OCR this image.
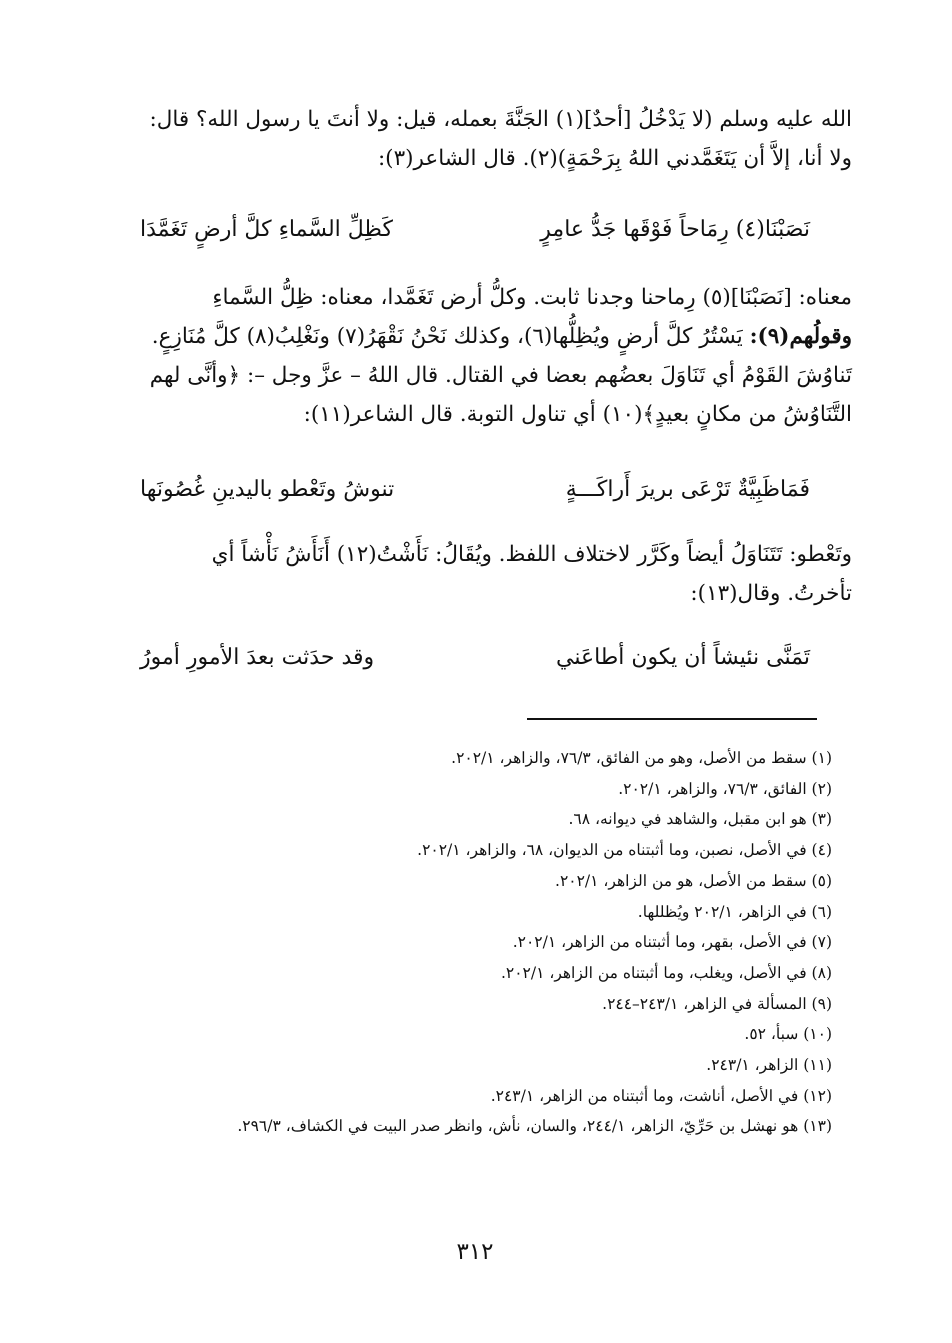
الله عليه وسلم (لا يَدْخُلُ [أحدٌ](١) الجَنَّةَ بعمله، قيل: ولا أنتَ يا رسول الله؟ قال:
ولا أنا، إلاَّ أن يَتَغَمَّدني اللهُ بِرَحْمَةٍ)(٢). قال الشاعر(٣):
نَصَبْنَا(٤) رِمَاحاً فَوْقَها جَدُّ عامِرٍ
كَظِلِّ السَّماءِ كلَّ أرضٍ تَغَمَّدَا
معناه: [نَصَبْنَا](٥) رِماحنا وجدنا ثابت. وكلُّ أرض تَغَمَّدا، معناه: ظِلُّ السَّماءِ
وقولُهم(٩): يَسْتُرُ كلَّ أرضٍ ويُظِلُّها(٦)، وكذلك نَحْنُ نَقْهَرُ(٧) ونَغْلِبُ(٨) كلَّ مُنَازِعٍ.
تَناوُشَ القَوْمُ أي تَنَاوَلَ بعضُهم بعضا في القتال. قال اللهُ – عزَّ وجل –: ﴿وأنَّى لهم
التَّنَاوُشُ من مكانٍ بعيدٍ﴾(١٠) أي تناول التوبة. قال الشاعر(١١):
فَمَاظَبِيَّةٌ تَرْعَى بريرَ أَراكَـــةٍ
تنوشُ وتَعْطو باليدينِ غُصُونَها
وتَعْطو: تَتَنَاوَلُ أيضاً وكَرَّر لاختلاف اللفظ. ويُقَالُ: نَأَشْتُ(١٢) أَنَأَشُ نَأْشاً أي
تأخرتُ. وقال(١٣):
تَمَنَّى نئيشاً أن يكون أطاعَني
وقد حدَثت بعدَ الأمورِ أمورُ
(١) سقط من الأصل، وهو من الفائق، ٧٦/٣، والزاهر، ٢٠٢/١.
(٢) الفائق، ٧٦/٣، والزاهر، ٢٠٢/١.
(٣) هو ابن مقبل، والشاهد في ديوانه، ٦٨.
(٤) في الأصل، نصبن، وما أثبتناه من الديوان، ٦٨، والزاهر، ٢٠٢/١.
(٥) سقط من الأصل، هو من الزاهر، ٢٠٢/١.
(٦) في الزاهر، ٢٠٢/١ ويُظللها.
(٧) في الأصل، بقهر، وما أثبتناه من الزاهر، ٢٠٢/١.
(٨) في الأصل، ويغلب، وما أثبتناه من الزاهر، ٢٠٢/١.
(٩) المسألة في الزاهر، ٢٤٣/١–٢٤٤.
(١٠) سبأ، ٥٢.
(١١) الزاهر، ٢٤٣/١.
(١٢) في الأصل، أناشت، وما أثبتناه من الزاهر، ٢٤٣/١.
(١٣) هو نهشل بن حَرِّيّ، الزاهر، ٢٤٤/١، والسان، نأش، وانظر صدر البيت في الكشاف، ٢٩٦/٣.
٣١٢
